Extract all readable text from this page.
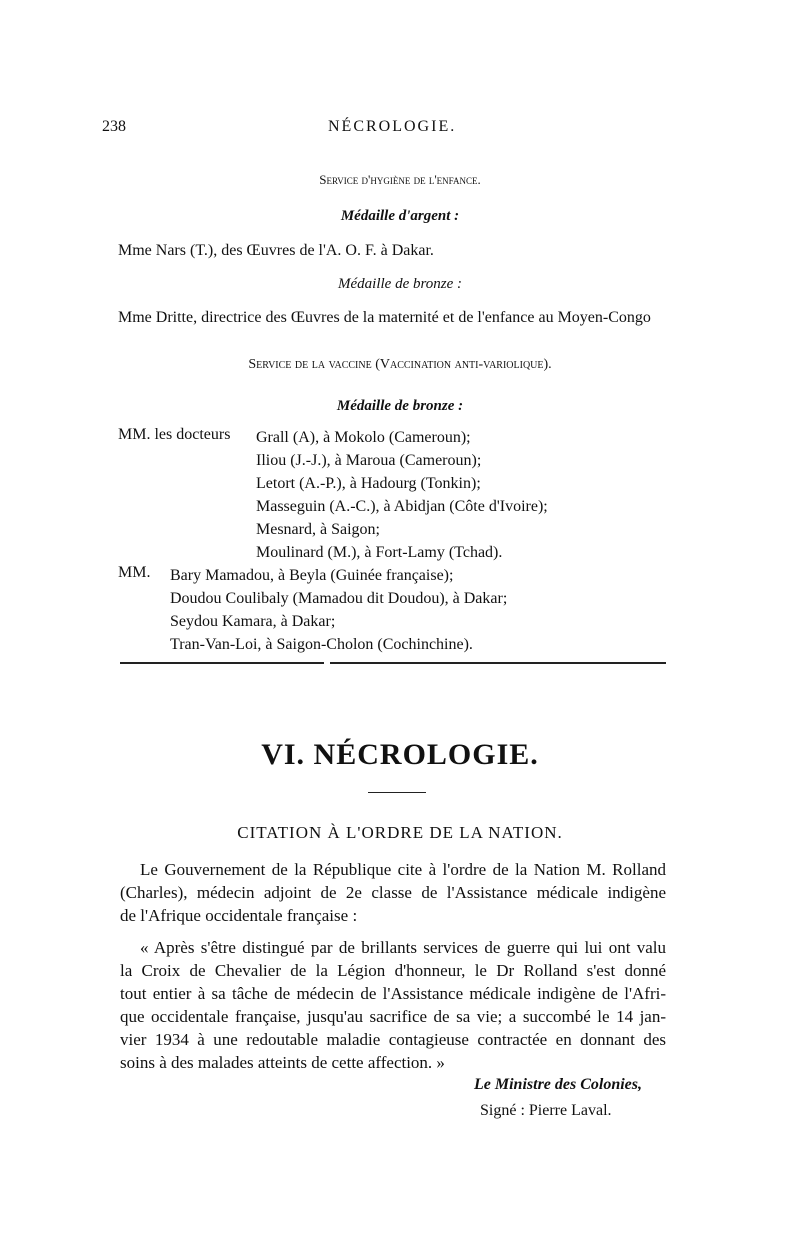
238	NÉCROLOGIE.
Service d'hygiène de l'enfance.
Médaille d'argent :
Mme Nars (T.), des Œuvres de l'A. O. F. à Dakar.
Médaille de bronze :
Mme Dritte, directrice des Œuvres de la maternité et de l'enfance au Moyen-Congo
Service de la vaccine (Vaccination anti-variolique).
Médaille de bronze :
MM. les docteurs Grall (A), à Mokolo (Cameroun);
Iliou (J.-J.), à Maroua (Cameroun);
Letort (A.-P.), à Hadourg (Tonkin);
Masseguin (A.-C.), à Abidjan (Côte d'Ivoire);
Mesnard, à Saigon;
Moulinard (M.), à Fort-Lamy (Tchad).
MM. Bary Mamadou, à Beyla (Guinée française);
Doudou Coulibaly (Mamadou dit Doudou), à Dakar;
Seydou Kamara, à Dakar;
Tran-Van-Loi, à Saigon-Cholon (Cochinchine).
VI. NÉCROLOGIE.
CITATION À L'ORDRE DE LA NATION.
Le Gouvernement de la République cite à l'ordre de la Nation M. Rolland
(Charles), médecin adjoint de 2e classe de l'Assistance médicale indigène
de l'Afrique occidentale française :
« Après s'être distingué par de brillants services de guerre qui lui ont valu
la Croix de Chevalier de la Légion d'honneur, le Dr Rolland s'est donné
tout entier à sa tâche de médecin de l'Assistance médicale indigène de l'Afri-
que occidentale française, jusqu'au sacrifice de sa vie; a succombé le 14 jan-
vier 1934 à une redoutable maladie contagieuse contractée en donnant des
soins à des malades atteints de cette affection. »
Le Ministre des Colonies,
Signé : Pierre Laval.
